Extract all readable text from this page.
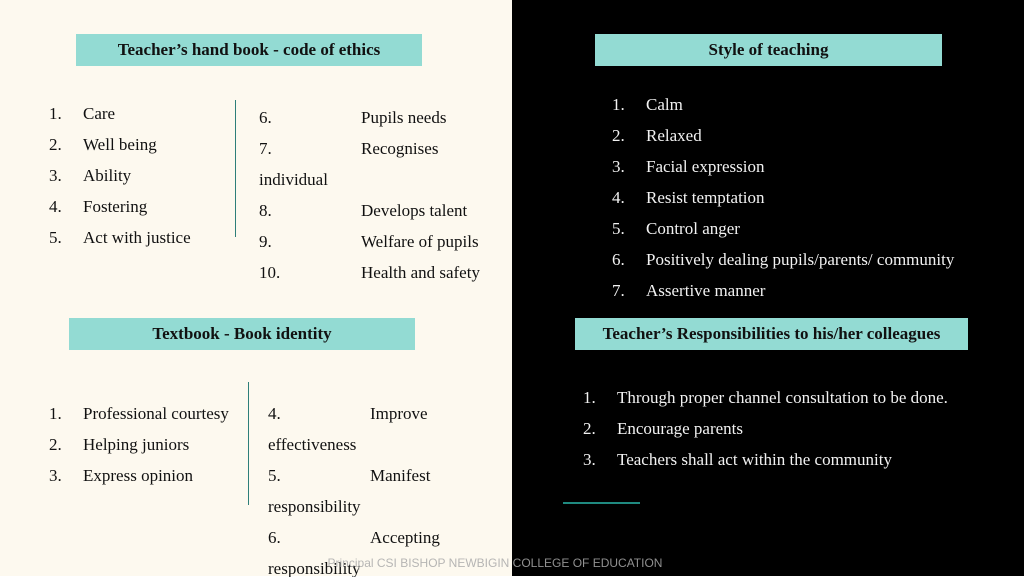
Teacher’s hand book - code of ethics
1. Care
2. Well being
3. Ability
4. Fostering
5. Act with justice
6.	Pupils needs
7.	Recognises
individual
8.	Develops talent
9.	Welfare of pupils
10.	Health and safety
Style of teaching
1. Calm
2. Relaxed
3. Facial expression
4. Resist temptation
5. Control anger
6. Positively dealing pupils/parents/ community
7. Assertive manner
Textbook - Book identity
1. Professional courtesy
2. Helping juniors
3. Express opinion
4.	Improve
effectiveness
5.	Manifest
responsibility
6.	Accepting
responsibility
Teacher’s Responsibilities to his/her colleagues
1. Through proper channel consultation to be done.
2. Encourage parents
3. Teachers shall act within the community
Principal CSI BISHOP NEWBIGIN COLLEGE OF EDUCATION
